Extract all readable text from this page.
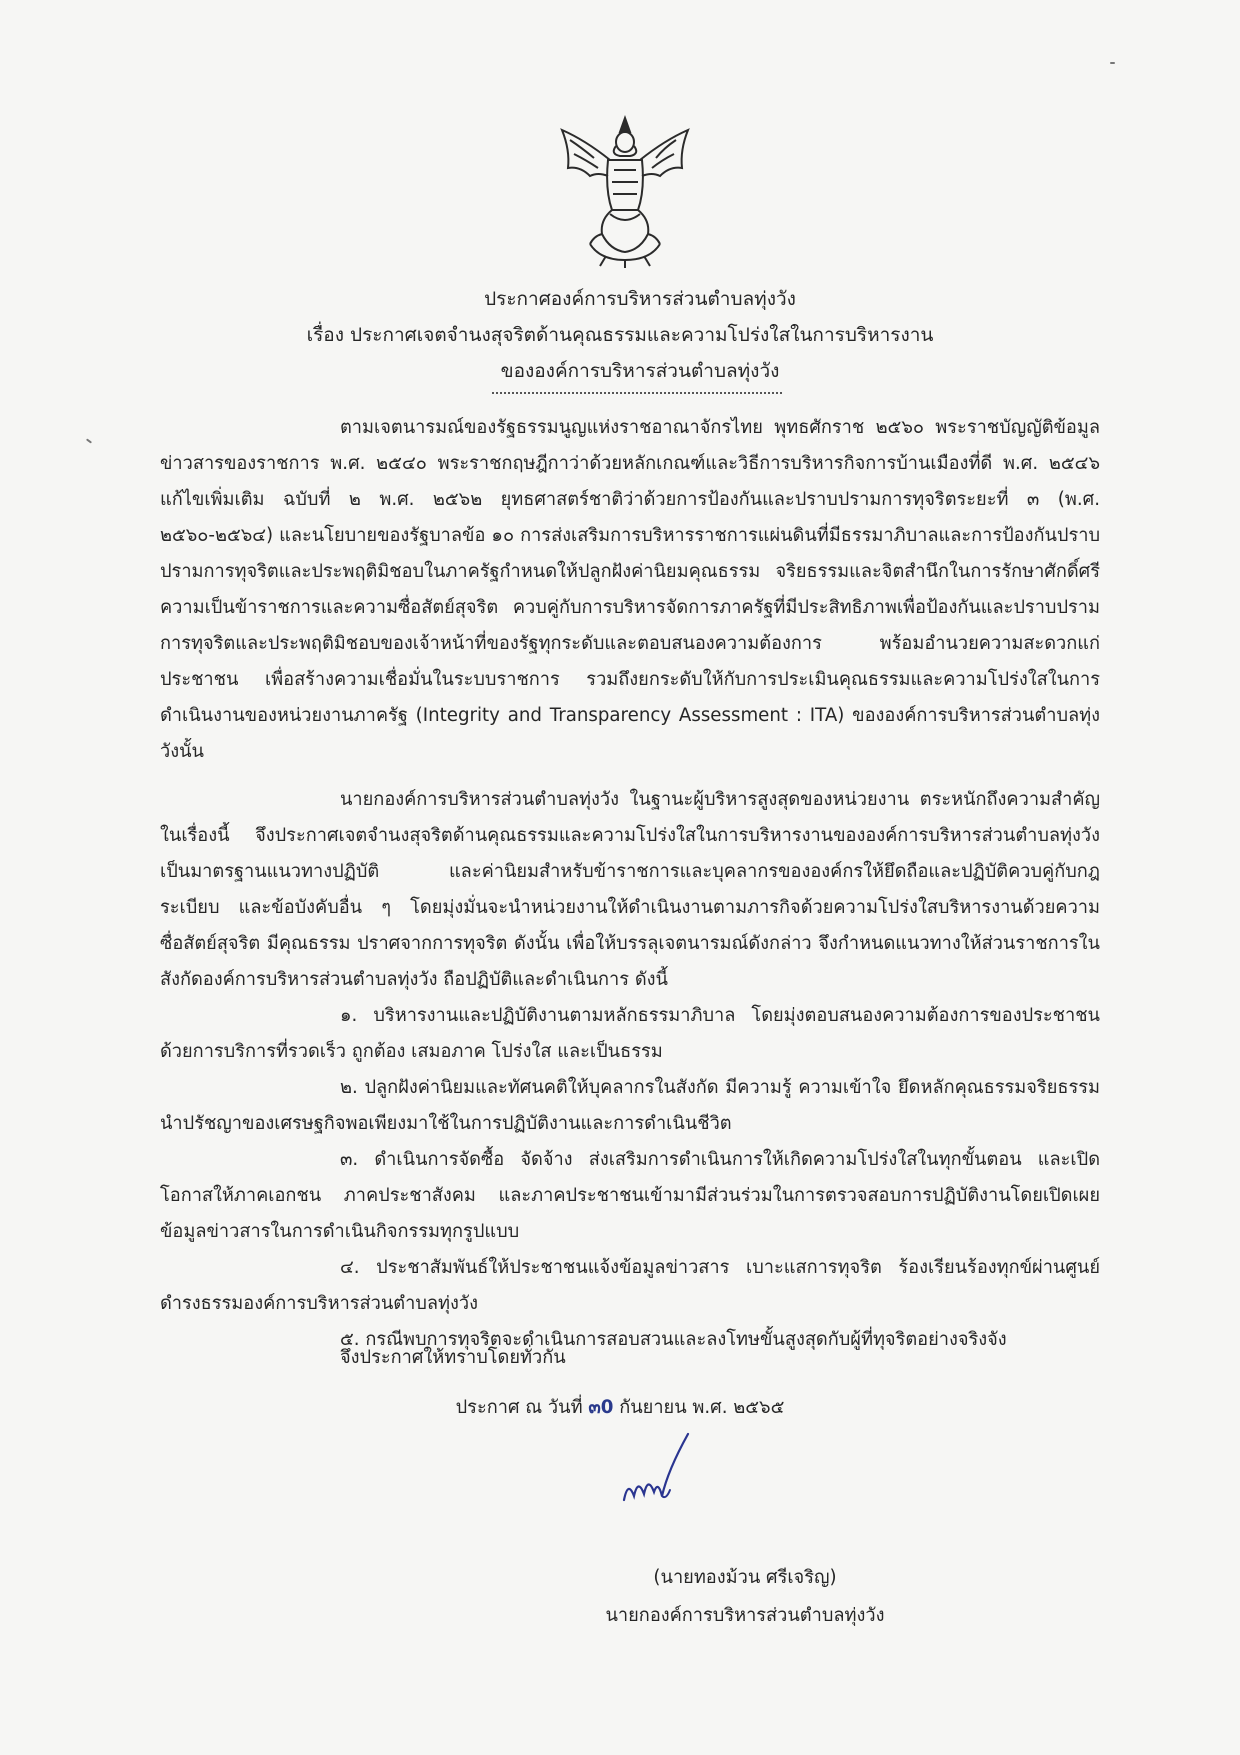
ประกาศองค์การบริหารส่วนตำบลทุ่งวัง
เรื่อง ประกาศเจตจำนงสุจริตด้านคุณธรรมและความโปร่งใสในการบริหารงาน
ขององค์การบริหารส่วนตำบลทุ่งวัง

ตามเจตนารมณ์ของรัฐธรรมนูญแห่งราชอาณาจักรไทย พุทธศักราช ๒๕๖๐ พระราชบัญญัติข้อมูลข่าวสารของราชการ พ.ศ. ๒๕๔๐ พระราชกฤษฎีกาว่าด้วยหลักเกณฑ์และวิธีการบริหารกิจการบ้านเมืองที่ดี พ.ศ. ๒๕๔๖ แก้ไขเพิ่มเติม ฉบับที่ ๒ พ.ศ. ๒๕๖๒ ยุทธศาสตร์ชาติว่าด้วยการป้องกันและปราบปรามการทุจริตระยะที่ ๓ (พ.ศ. ๒๕๖๐-๒๕๖๔) และนโยบายของรัฐบาลข้อ ๑๐ การส่งเสริมการบริหารราชการแผ่นดินที่มีธรรมาภิบาลและการป้องกันปราบปรามการทุจริตและประพฤติมิชอบในภาครัฐกำหนดให้ปลูกฝังค่านิยมคุณธรรม จริยธรรมและจิตสำนึกในการรักษาศักดิ์ศรีความเป็นข้าราชการและความซื่อสัตย์สุจริต ควบคู่กับการบริหารจัดการภาครัฐที่มีประสิทธิภาพเพื่อป้องกันและปราบปรามการทุจริตและประพฤติมิชอบของเจ้าหน้าที่ของรัฐทุกระดับและตอบสนองความต้องการ พร้อมอำนวยความสะดวกแก่ประชาชน เพื่อสร้างความเชื่อมั่นในระบบราชการ รวมถึงยกระดับให้กับการประเมินคุณธรรมและความโปร่งใสในการดำเนินงานของหน่วยงานภาครัฐ (Integrity and Transparency Assessment : ITA) ขององค์การบริหารส่วนตำบลทุ่งวังนั้น

นายกองค์การบริหารส่วนตำบลทุ่งวัง ในฐานะผู้บริหารสูงสุดของหน่วยงาน ตระหนักถึงความสำคัญในเรื่องนี้ จึงประกาศเจตจำนงสุจริตด้านคุณธรรมและความโปร่งใสในการบริหารงานขององค์การบริหารส่วนตำบลทุ่งวัง เป็นมาตรฐานแนวทางปฏิบัติ และค่านิยมสำหรับข้าราชการและบุคลากรขององค์กรให้ยึดถือและปฏิบัติควบคู่กับกฎ ระเบียบ และข้อบังคับอื่น ๆ โดยมุ่งมั่นจะนำหน่วยงานให้ดำเนินงานตามภารกิจด้วยความโปร่งใสบริหารงานด้วยความซื่อสัตย์สุจริต มีคุณธรรม ปราศจากการทุจริต ดังนั้น เพื่อให้บรรลุเจตนารมณ์ดังกล่าว จึงกำหนดแนวทางให้ส่วนราชการในสังกัดองค์การบริหารส่วนตำบลทุ่งวัง ถือปฏิบัติและดำเนินการ ดังนี้

๑. บริหารงานและปฏิบัติงานตามหลักธรรมาภิบาล โดยมุ่งตอบสนองความต้องการของประชาชนด้วยการบริการที่รวดเร็ว ถูกต้อง เสมอภาค โปร่งใส และเป็นธรรม

๒. ปลูกฝังค่านิยมและทัศนคติให้บุคลากรในสังกัด มีความรู้ ความเข้าใจ ยึดหลักคุณธรรมจริยธรรม นำปรัชญาของเศรษฐกิจพอเพียงมาใช้ในการปฏิบัติงานและการดำเนินชีวิต

๓. ดำเนินการจัดซื้อ จัดจ้าง ส่งเสริมการดำเนินการให้เกิดความโปร่งใสในทุกขั้นตอน และเปิดโอกาสให้ภาคเอกชน ภาคประชาสังคม และภาคประชาชนเข้ามามีส่วนร่วมในการตรวจสอบการปฏิบัติงานโดยเปิดเผยข้อมูลข่าวสารในการดำเนินกิจกรรมทุกรูปแบบ

๔. ประชาสัมพันธ์ให้ประชาชนแจ้งข้อมูลข่าวสาร เบาะแสการทุจริต ร้องเรียนร้องทุกข์ผ่านศูนย์ดำรงธรรมองค์การบริหารส่วนตำบลทุ่งวัง

๕. กรณีพบการทุจริตจะดำเนินการสอบสวนและลงโทษขั้นสูงสุดกับผู้ที่ทุจริตอย่างจริงจัง

จึงประกาศให้ทราบโดยทั่วกัน
ประกาศ ณ วันที่ ๓0 กันยายน พ.ศ. ๒๕๖๕
(นายทองม้วน ศรีเจริญ)
นายกองค์การบริหารส่วนตำบลทุ่งวัง
